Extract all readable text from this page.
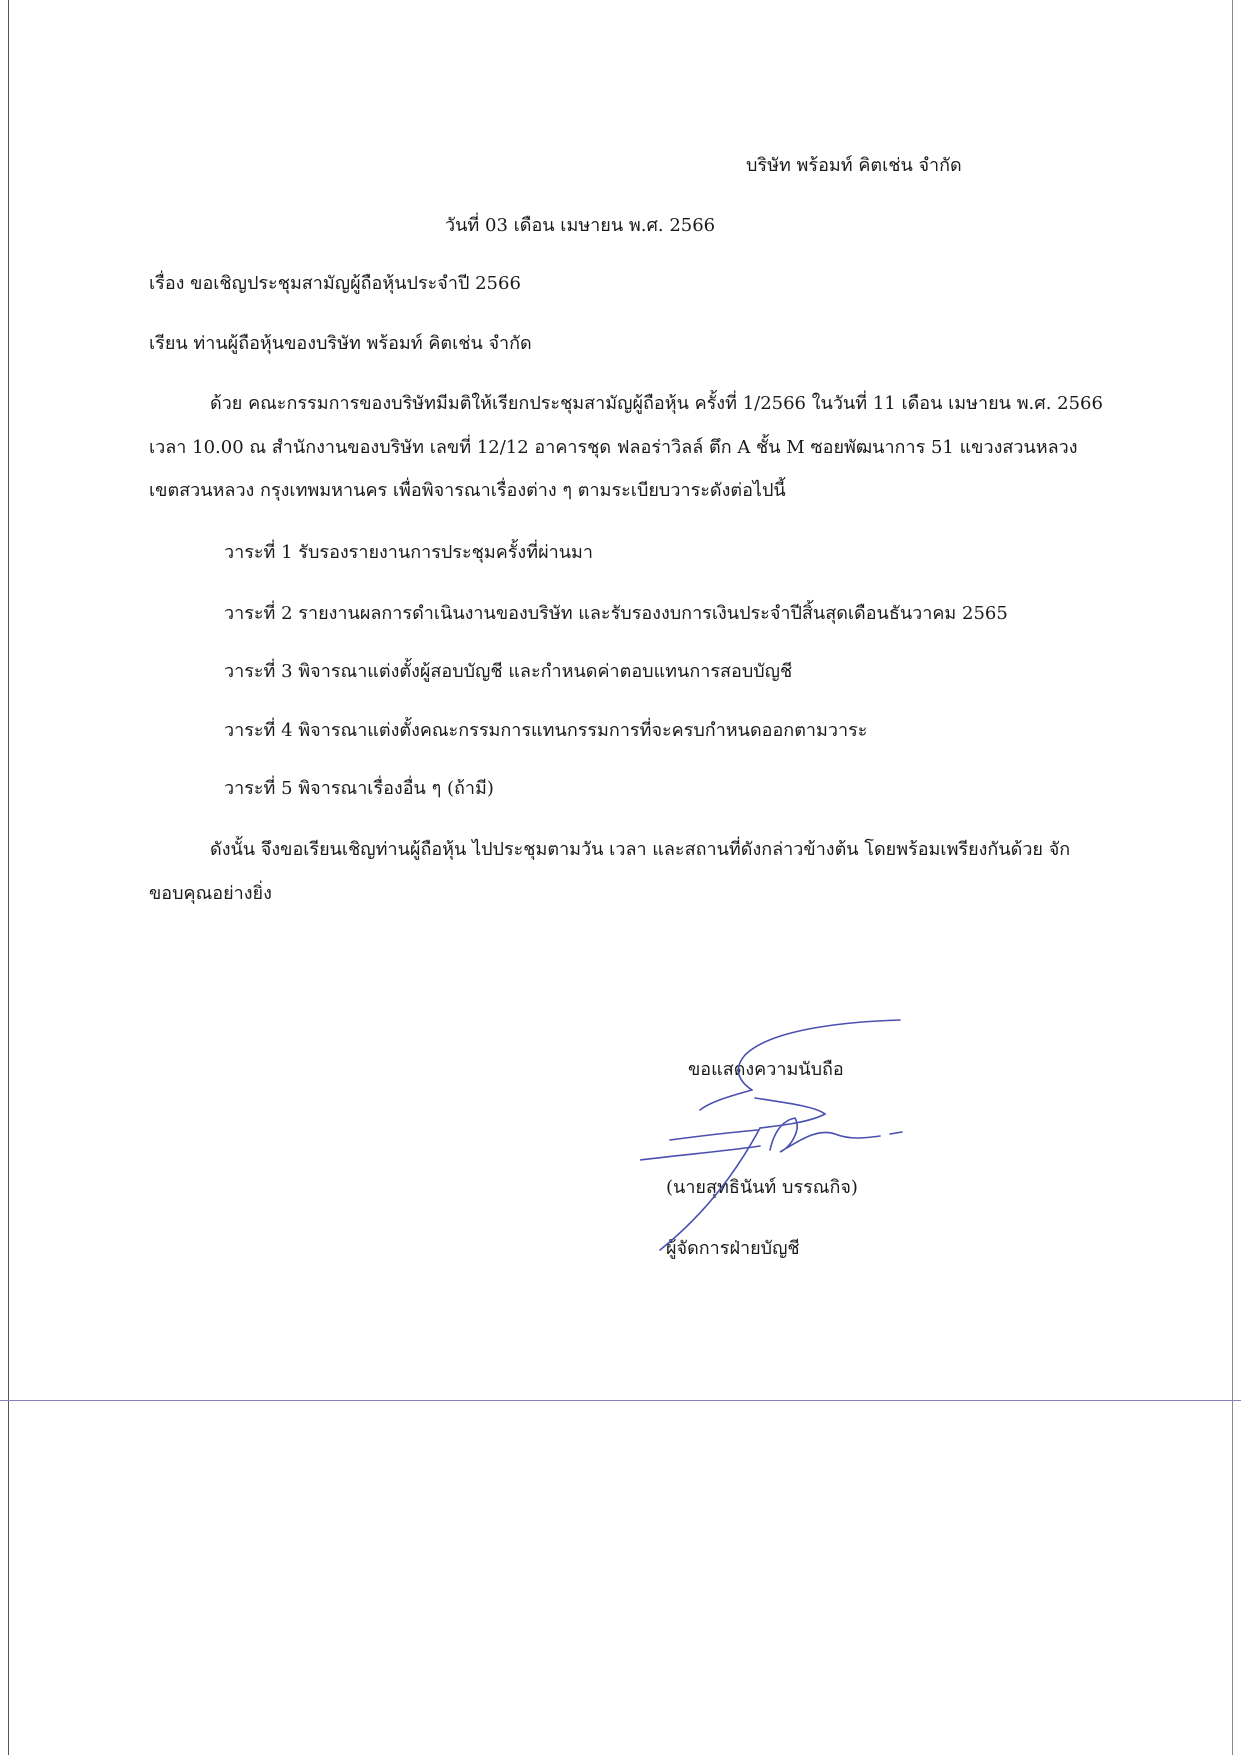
บริษัท พร้อมท์ คิตเช่น จำกัด
วันที่ 03 เดือน เมษายน พ.ศ. 2566
เรื่อง ขอเชิญประชุมสามัญผู้ถือหุ้นประจำปี 2566
เรียน ท่านผู้ถือหุ้นของบริษัท พร้อมท์ คิตเช่น จำกัด
ด้วย คณะกรรมการของบริษัทมีมติให้เรียกประชุมสามัญผู้ถือหุ้น ครั้งที่ 1/2566 ในวันที่ 11 เดือน เมษายน พ.ศ. 2566
เวลา 10.00 ณ สำนักงานของบริษัท เลขที่ 12/12 อาคารชุด ฟลอร่าวิลล์ ตึก A ชั้น M ซอยพัฒนาการ 51 แขวงสวนหลวง
เขตสวนหลวง กรุงเทพมหานคร เพื่อพิจารณาเรื่องต่าง ๆ ตามระเบียบวาระดังต่อไปนี้
วาระที่ 1 รับรองรายงานการประชุมครั้งที่ผ่านมา
วาระที่ 2 รายงานผลการดำเนินงานของบริษัท และรับรองงบการเงินประจำปีสิ้นสุดเดือนธันวาคม 2565
วาระที่ 3 พิจารณาแต่งตั้งผู้สอบบัญชี และกำหนดค่าตอบแทนการสอบบัญชี
วาระที่ 4 พิจารณาแต่งตั้งคณะกรรมการแทนกรรมการที่จะครบกำหนดออกตามวาระ
วาระที่ 5 พิจารณาเรื่องอื่น ๆ (ถ้ามี)
ดังนั้น จึงขอเรียนเชิญท่านผู้ถือหุ้น ไปประชุมตามวัน เวลา และสถานที่ดังกล่าวข้างต้น โดยพร้อมเพรียงกันด้วย จัก
ขอบคุณอย่างยิ่ง
ขอแสดงความนับถือ
(นายสุทธินันท์ บรรณกิจ)
ผู้จัดการฝ่ายบัญชี
